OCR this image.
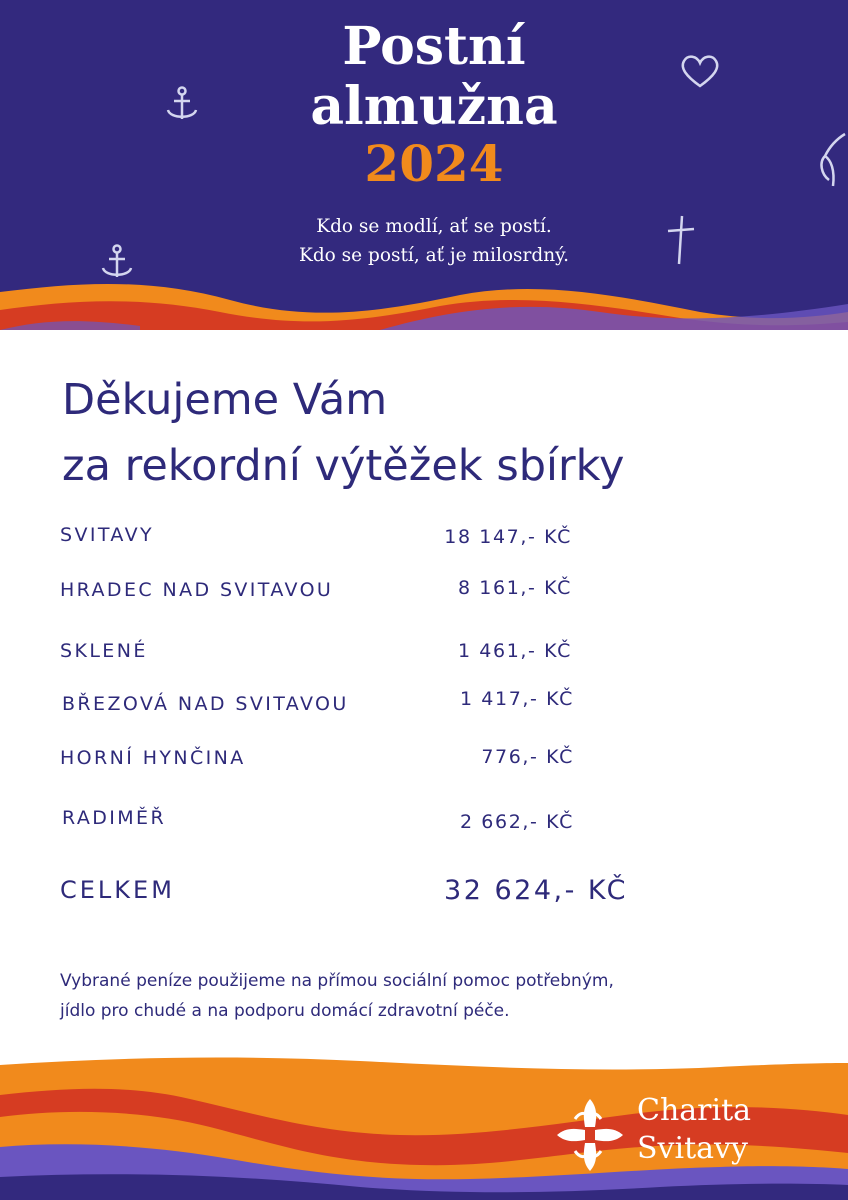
Postní
almužna
2024
Kdo se modlí, ať se postí.
Kdo se postí, ať je milosrdný.
Děkujeme Vám
za rekordní výtěžek sbírky
SVITAVY	18 147,- KČ
HRADEC NAD SVITAVOU	8 161,- KČ
SKLENÉ	1 461,- KČ
BŘEZOVÁ NAD SVITAVOU	1 417,- KČ
HORNÍ HYNČINA	776,- KČ
RADIMĚŘ	2 662,- KČ
CELKEM	32 624,- KČ
Vybrané peníze použijeme na přímou sociální pomoc potřebným,
jídlo pro chudé a na podporu domácí zdravotní péče.
Charita
Svitavy
